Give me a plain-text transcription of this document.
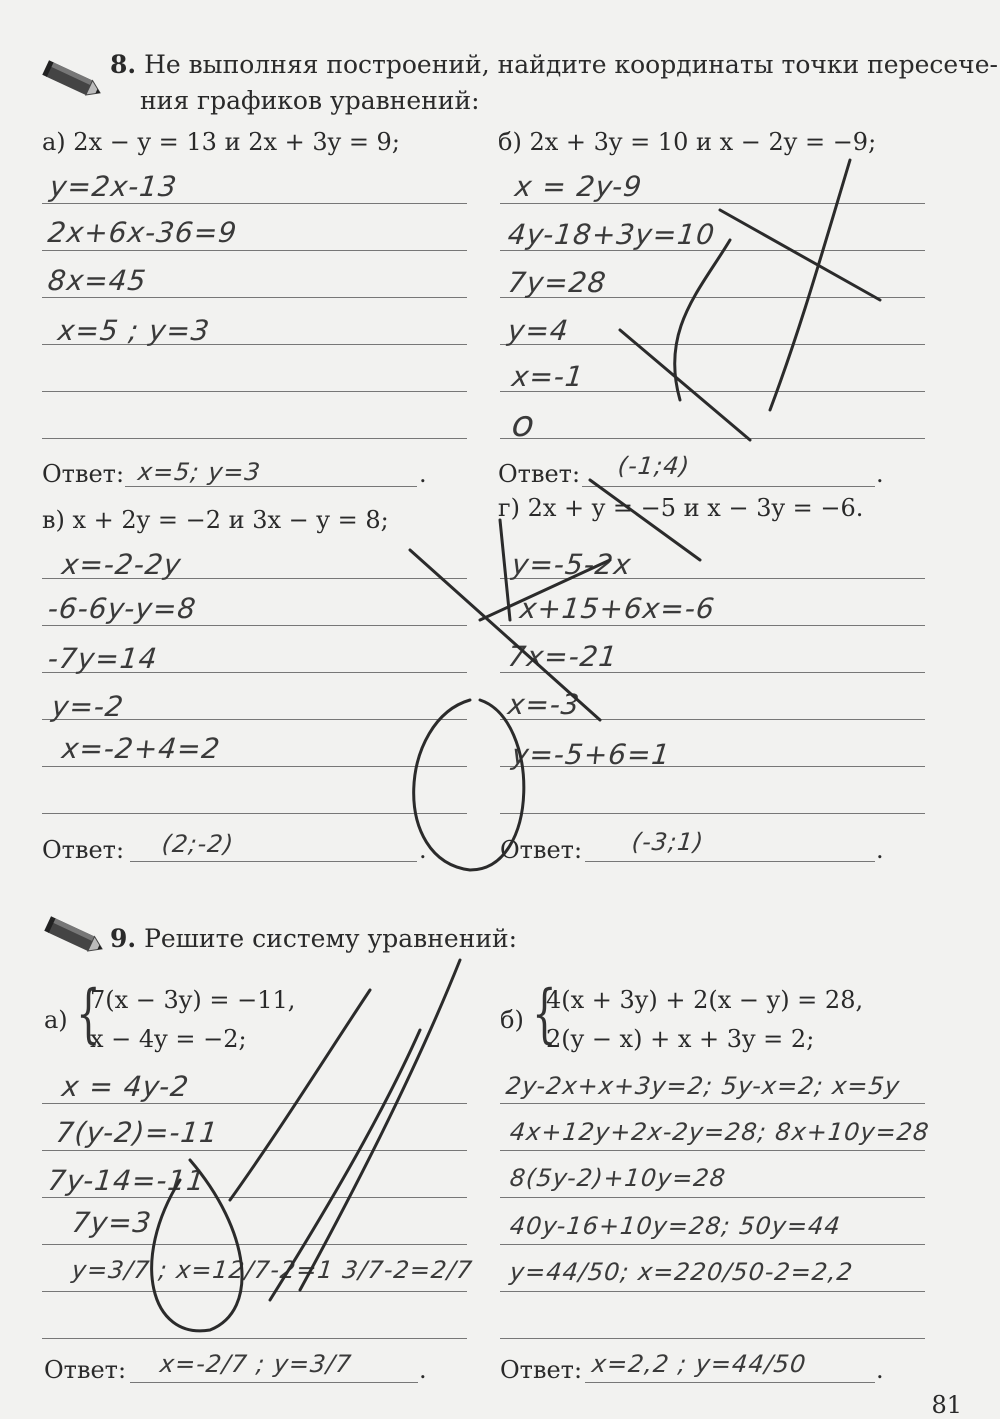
8. Не выполняя построений, найдите координаты точки пересече-
ния графиков уравнений:
а) 2x − y = 13 и 2x + 3y = 9;
y=2x-13
2x+6x-36=9
8x=45
x=5 ; y=3
Ответ:	.
x=5; y=3
б) 2x + 3y = 10 и x − 2y = −9;
x = 2y-9
4y-18+3y=10
7y=28
y=4
x=-1
o
Ответ:	.
(-1;4)
в) x + 2y = −2 и 3x − y = 8;
x=-2-2y
-6-6y-y=8
-7y=14
y=-2
x=-2+4=2
Ответ:	.
(2;-2)
г) 2x + y = −5 и x − 3y = −6.
y=-5-2x
x+15+6x=-6
7x=-21
x=-3
y=-5+6=1
Ответ:	.
(-3;1)
9. Решите систему уравнений:
а) {
7(x − 3y) = −11,
x − 4y = −2;
x = 4y-2
7(y-2)=-11
7y-14=-11
7y=3
y=3/7 ; x=12/7-2=1 3/7-2=2/7
Ответ:	.
x=-2/7 ; y=3/7
б) {
4(x + 3y) + 2(x − y) = 28,
2(y − x) + x + 3y = 2;
2y-2x+x+3y=2; 5y-x=2; x=5y
4x+12y+2x-2y=28; 8x+10y=28
8(5y-2)+10y=28
40y-16+10y=28; 50y=44
y=44/50; x=220/50-2=2,2
Ответ:	.
x=2,2 ; y=44/50
81
